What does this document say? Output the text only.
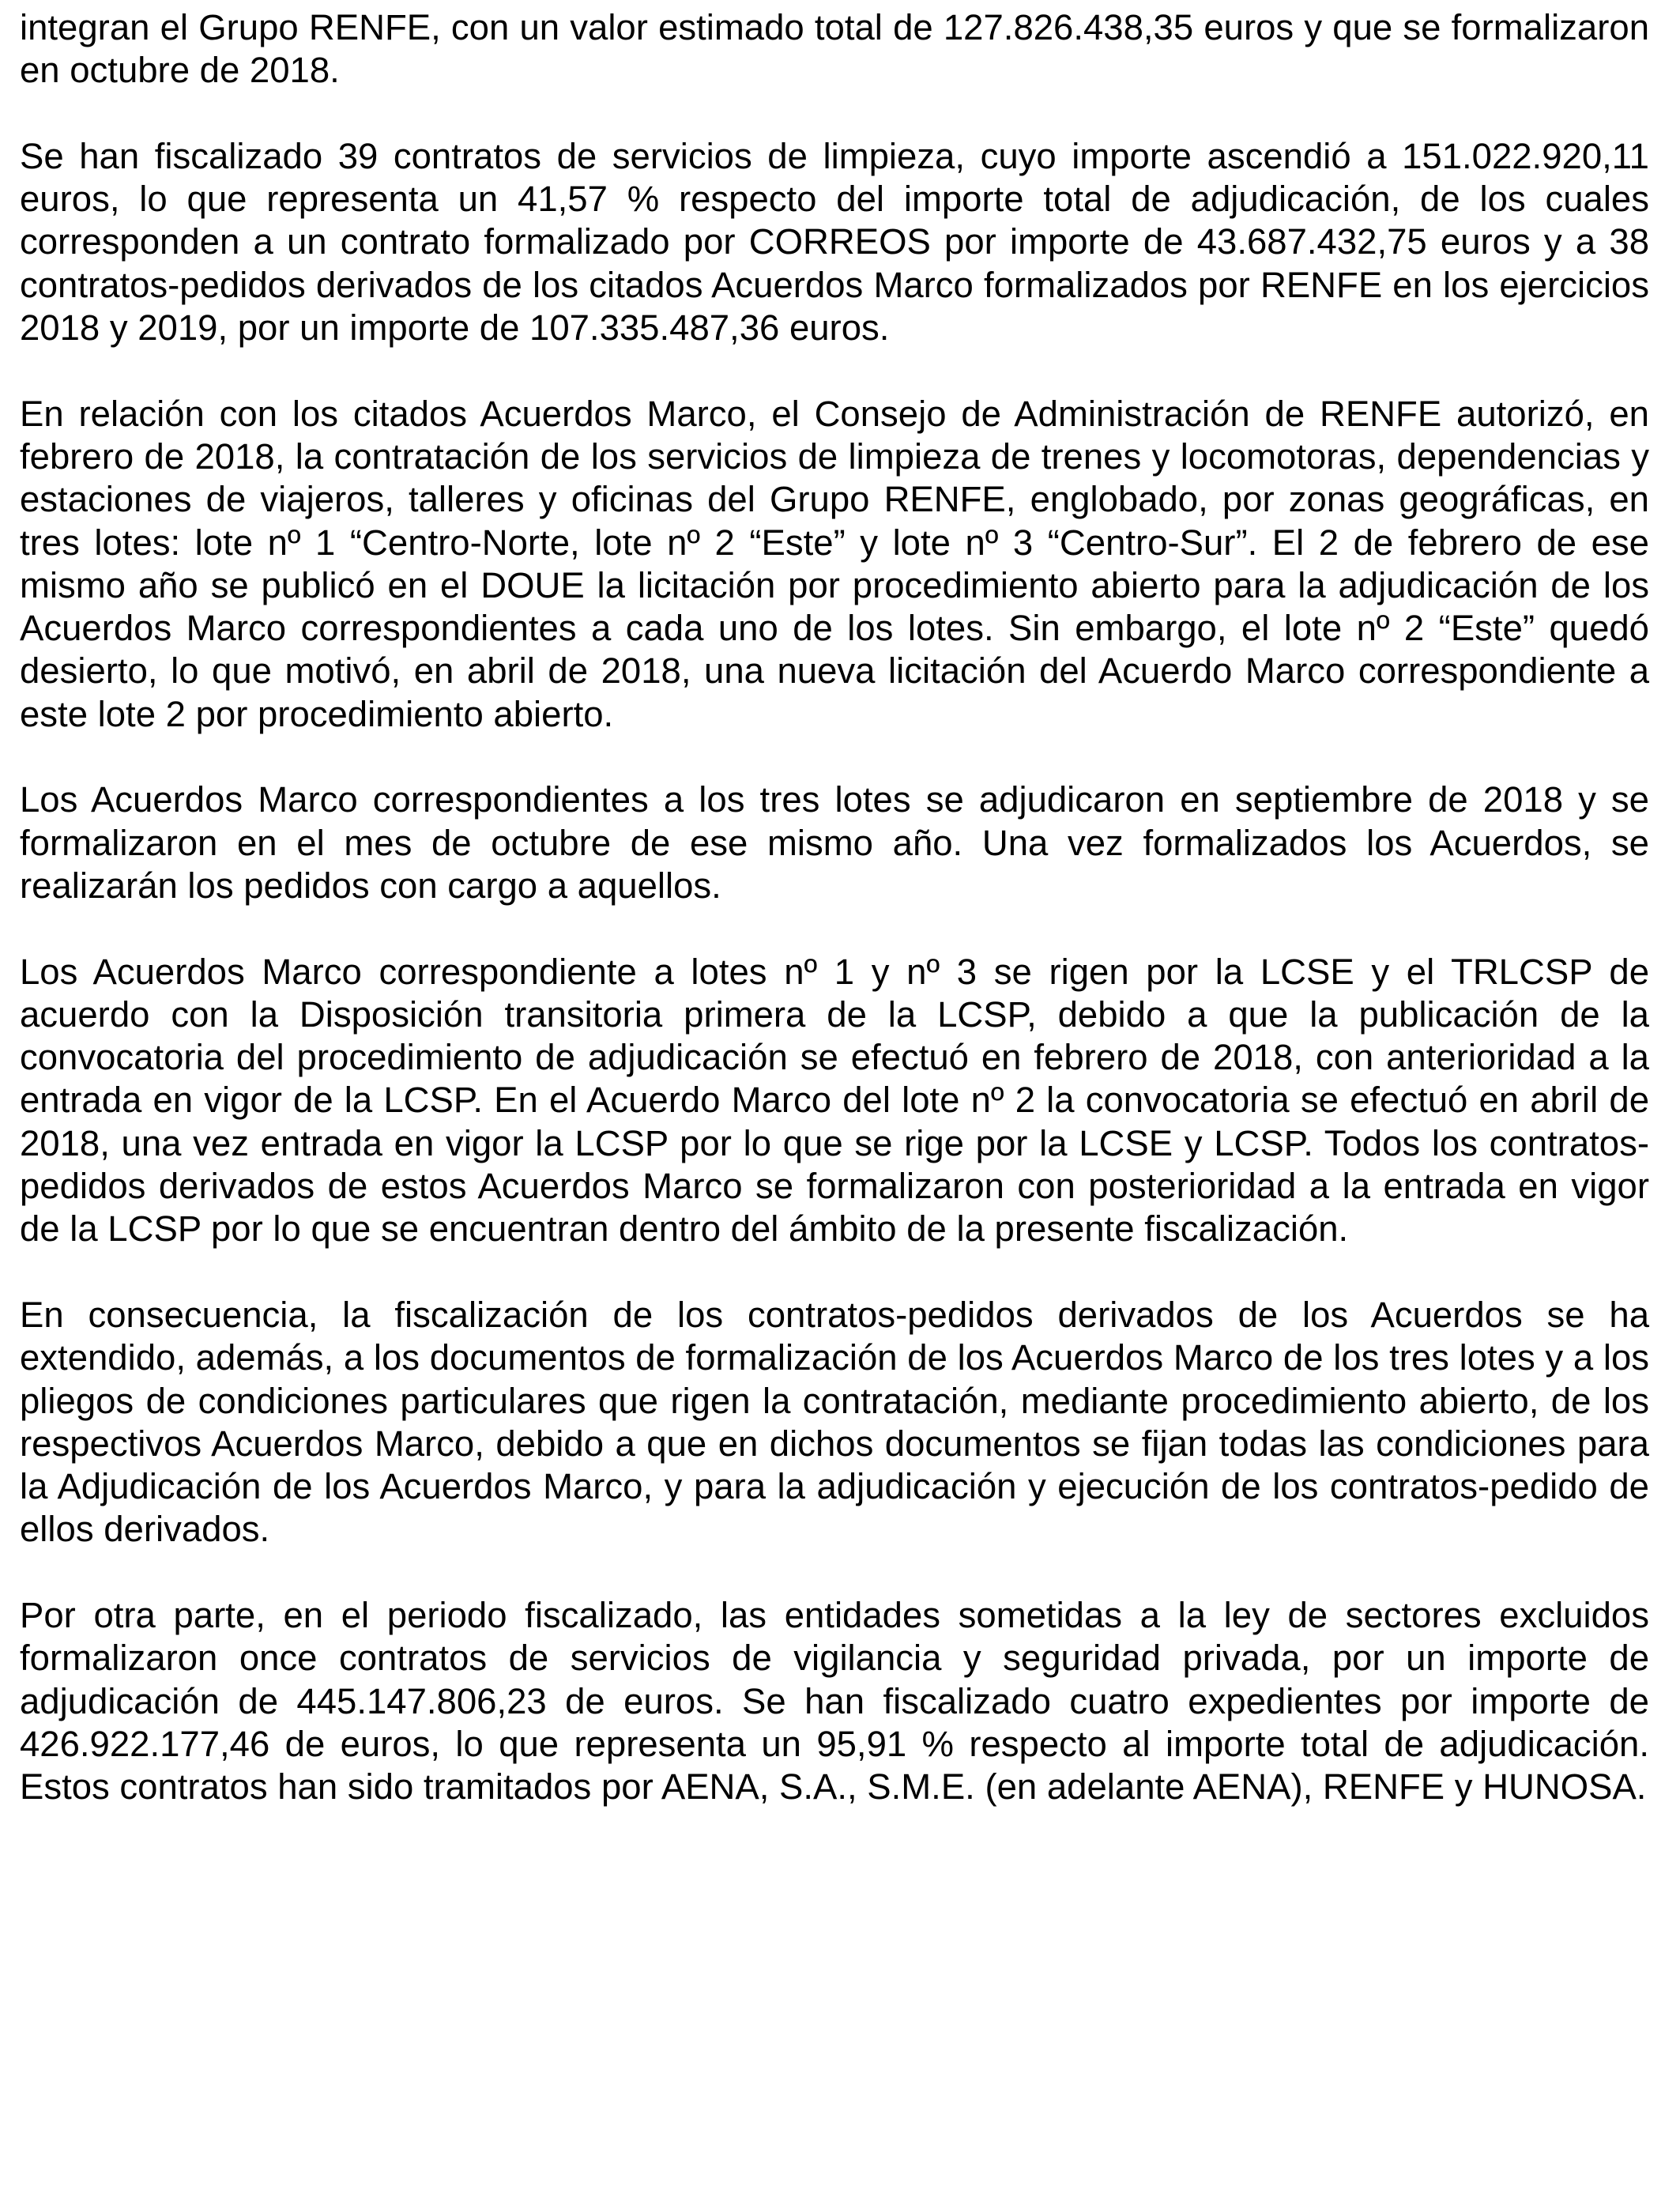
integran el Grupo RENFE, con un valor estimado total de 127.826.438,35 euros y que se formalizaron en octubre de 2018.

Se han fiscalizado 39 contratos de servicios de limpieza, cuyo importe ascendió a 151.022.920,11 euros, lo que representa un 41,57 % respecto del importe total de adjudicación, de los cuales corresponden a un contrato formalizado por CORREOS por importe de 43.687.432,75 euros y a 38 contratos-pedidos derivados de los citados Acuerdos Marco formalizados por RENFE en los ejercicios 2018 y 2019, por un importe de 107.335.487,36 euros.

En relación con los citados Acuerdos Marco, el Consejo de Administración de RENFE autorizó, en febrero de 2018, la contratación de los servicios de limpieza de trenes y locomotoras, dependencias y estaciones de viajeros, talleres y oficinas del Grupo RENFE, englobado, por zonas geográficas, en tres lotes: lote nº 1 “Centro-Norte, lote nº 2 “Este” y lote nº 3 “Centro-Sur”. El 2 de febrero de ese mismo año se publicó en el DOUE la licitación por procedimiento abierto para la adjudicación de los Acuerdos Marco correspondientes a cada uno de los lotes. Sin embargo, el lote nº 2 “Este” quedó desierto, lo que motivó, en abril de 2018, una nueva licitación del Acuerdo Marco correspondiente a este lote 2 por procedimiento abierto.

Los Acuerdos Marco correspondientes a los tres lotes se adjudicaron en septiembre de 2018 y se formalizaron en el mes de octubre de ese mismo año. Una vez formalizados los Acuerdos, se realizarán los pedidos con cargo a aquellos.

Los Acuerdos Marco correspondiente a lotes nº 1 y nº 3 se rigen por la LCSE y el TRLCSP de acuerdo con la Disposición transitoria primera de la LCSP, debido a que la publicación de la convocatoria del procedimiento de adjudicación se efectuó en febrero de 2018, con anterioridad a la entrada en vigor de la LCSP. En el Acuerdo Marco del lote nº 2 la convocatoria se efectuó en abril de 2018, una vez entrada en vigor la LCSP por lo que se rige por la LCSE y LCSP. Todos los contratos-pedidos derivados de estos Acuerdos Marco se formalizaron con posterioridad a la entrada en vigor de la LCSP por lo que se encuentran dentro del ámbito de la presente fiscalización.

En consecuencia, la fiscalización de los contratos-pedidos derivados de los Acuerdos se ha extendido, además, a los documentos de formalización de los Acuerdos Marco de los tres lotes y a los pliegos de condiciones particulares que rigen la contratación, mediante procedimiento abierto, de los respectivos Acuerdos Marco, debido a que en dichos documentos se fijan todas las condiciones para la Adjudicación de los Acuerdos Marco, y para la adjudicación y ejecución de los contratos-pedido de ellos derivados.

Por otra parte, en el periodo fiscalizado, las entidades sometidas a la ley de sectores excluidos formalizaron once contratos de servicios de vigilancia y seguridad privada, por un importe de adjudicación de 445.147.806,23 de euros. Se han fiscalizado cuatro expedientes por importe de 426.922.177,46 de euros, lo que representa un 95,91 % respecto al importe total de adjudicación. Estos contratos han sido tramitados por AENA, S.A., S.M.E. (en adelante AENA), RENFE y HUNOSA.
